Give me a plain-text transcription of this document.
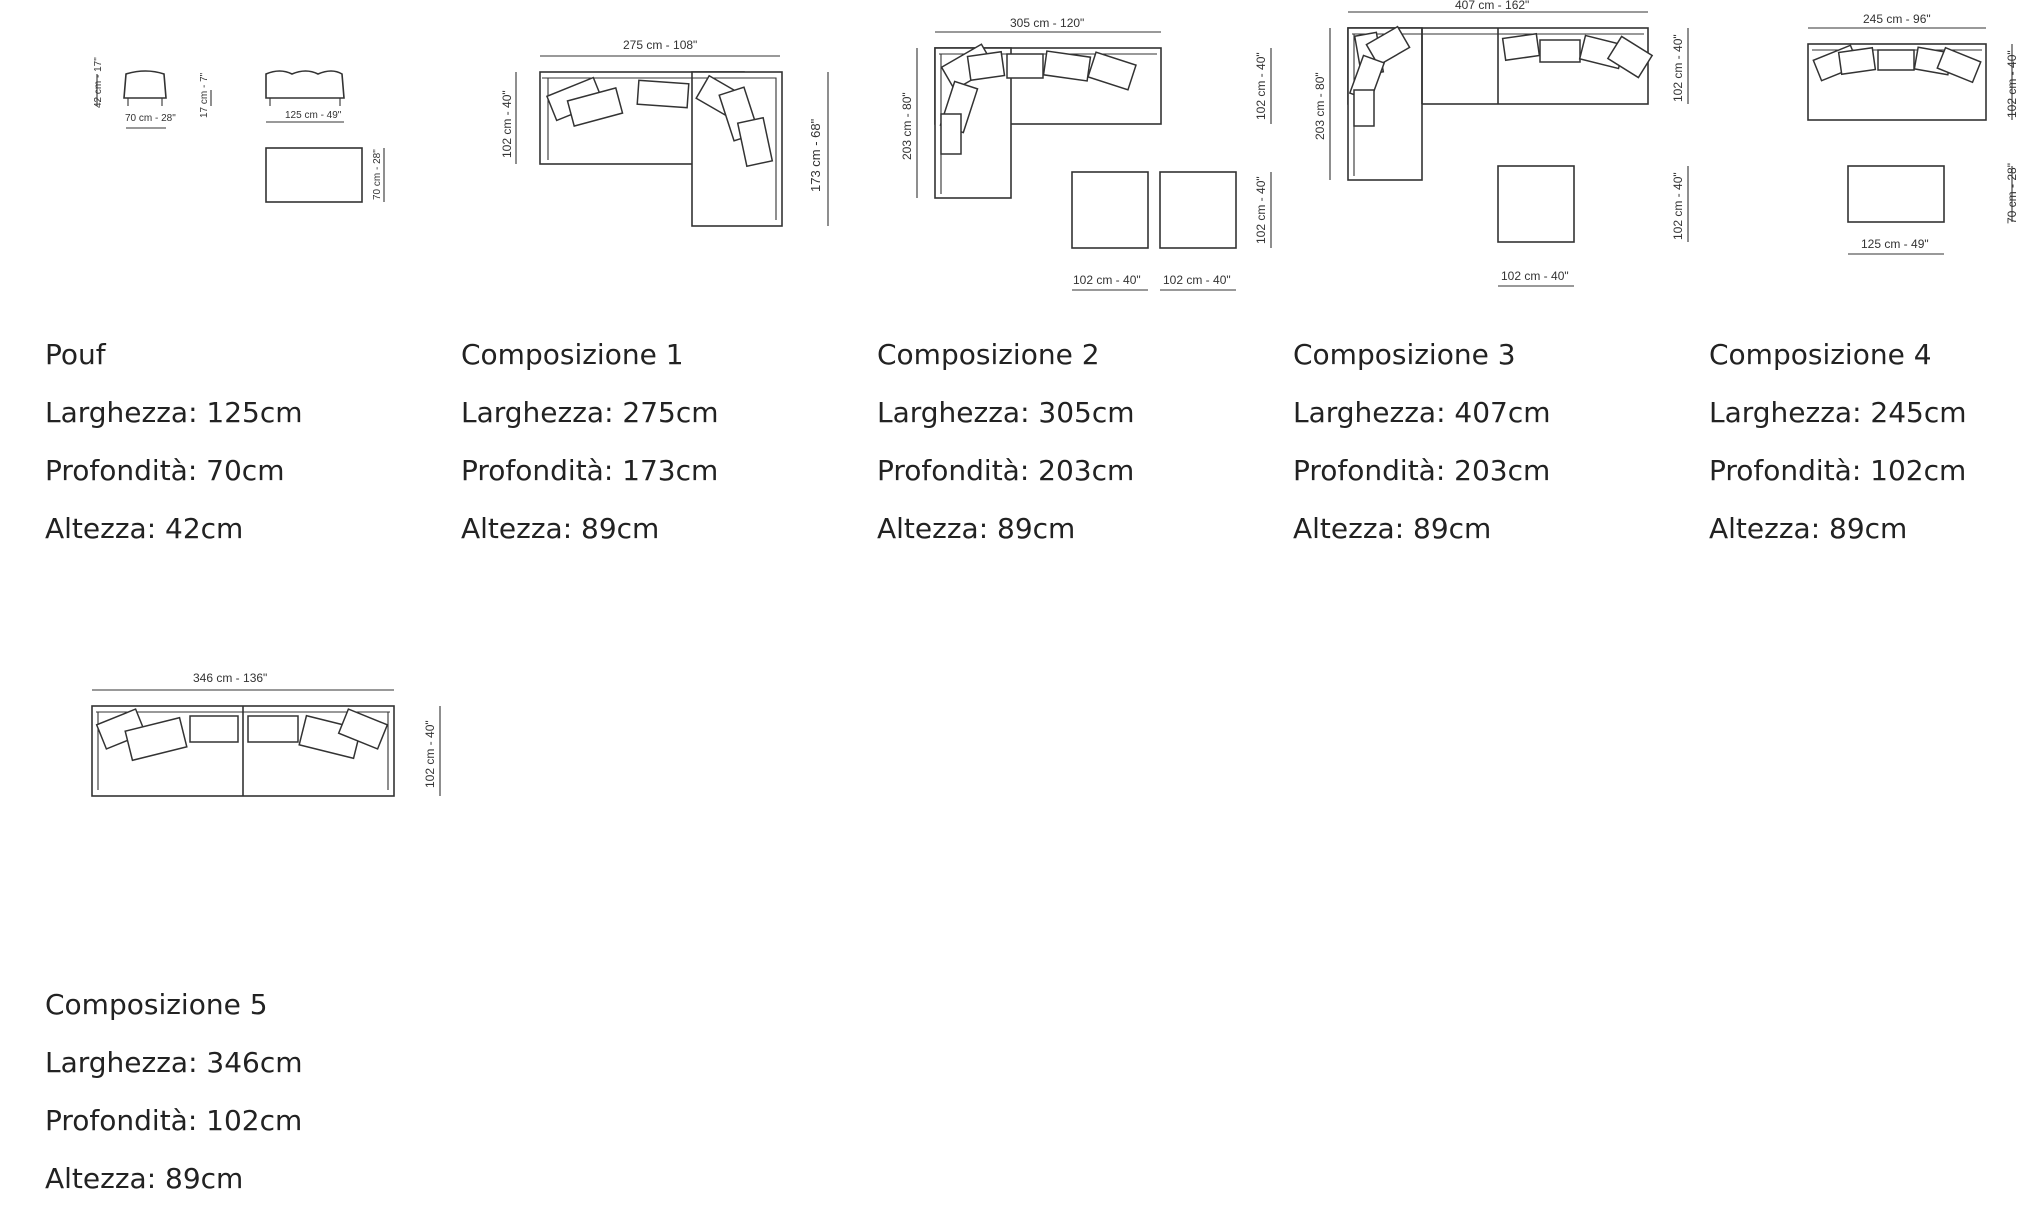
42 cm - 17"
70 cm - 28"
17 cm - 7"	125 cm - 49"
70 cm - 28"
275 cm - 108"
102 cm - 40"	173 cm - 68"
305 cm - 120"
203 cm - 80"
102 cm - 40"
102 cm - 40"
102 cm - 40" 102 cm - 40"
407 cm - 162"
203 cm - 80"
102 cm - 40"
102 cm - 40"
102 cm - 40"
245 cm - 96"
102 cm - 40"
70 cm - 28"
125 cm - 49"
346 cm - 136"
102 cm - 40"
Pouf
Larghezza: 125cm
Profondità: 70cm
Altezza: 42cm
Composizione 1
Larghezza: 275cm
Profondità: 173cm
Altezza: 89cm
Composizione 2
Larghezza: 305cm
Profondità: 203cm
Altezza: 89cm
Composizione 3
Larghezza: 407cm
Profondità: 203cm
Altezza: 89cm
Composizione 4
Larghezza: 245cm
Profondità: 102cm
Altezza: 89cm
Composizione 5
Larghezza: 346cm
Profondità: 102cm
Altezza: 89cm
